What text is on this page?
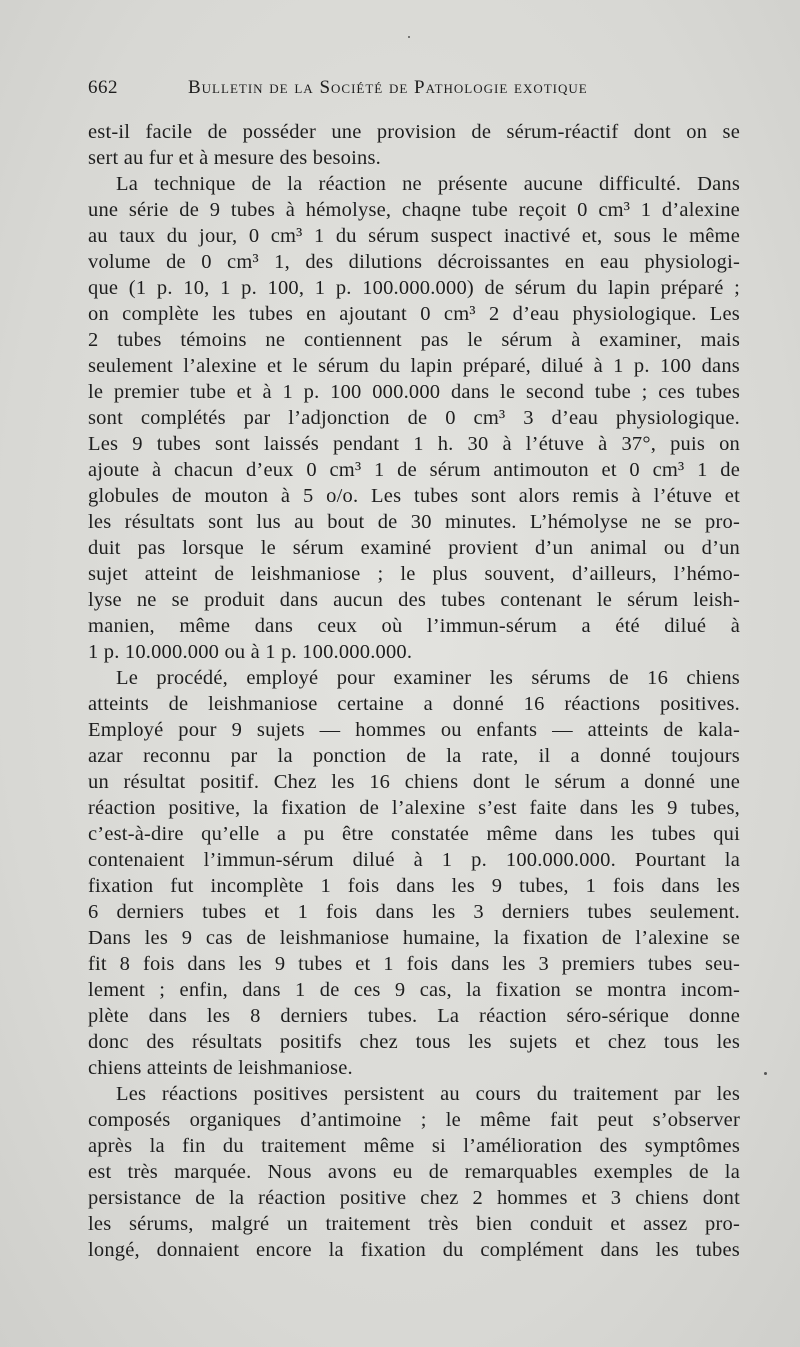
662	Bulletin de la Société de Pathologie exotique
est-il facile de posséder une provision de sérum-réactif dont on se
sert au fur et à mesure des besoins.
La technique de la réaction ne présente aucune difficulté. Dans
une série de 9 tubes à hémolyse, chaqne tube reçoit 0 cm³ 1 d’alexine
au taux du jour, 0 cm³ 1 du sérum suspect inactivé et, sous le même
volume de 0 cm³ 1, des dilutions décroissantes en eau physiologi-
que (1 p. 10, 1 p. 100, 1 p. 100.000.000) de sérum du lapin préparé ;
on complète les tubes en ajoutant 0 cm³ 2 d’eau physiologique. Les
2 tubes témoins ne contiennent pas le sérum à examiner, mais
seulement l’alexine et le sérum du lapin préparé, dilué à 1 p. 100 dans
le premier tube et à 1 p. 100 000.000 dans le second tube ; ces tubes
sont complétés par l’adjonction de 0 cm³ 3 d’eau physiologique.
Les 9 tubes sont laissés pendant 1 h. 30 à l’étuve à 37°, puis on
ajoute à chacun d’eux 0 cm³ 1 de sérum antimouton et 0 cm³ 1 de
globules de mouton à 5 o/o. Les tubes sont alors remis à l’étuve et
les résultats sont lus au bout de 30 minutes. L’hémolyse ne se pro-
duit pas lorsque le sérum examiné provient d’un animal ou d’un
sujet atteint de leishmaniose ; le plus souvent, d’ailleurs, l’hémo-
lyse ne se produit dans aucun des tubes contenant le sérum leish-
manien, même dans ceux où l’immun-sérum a été dilué à
1 p. 10.000.000 ou à 1 p. 100.000.000.
Le procédé, employé pour examiner les sérums de 16 chiens
atteints de leishmaniose certaine a donné 16 réactions positives.
Employé pour 9 sujets — hommes ou enfants — atteints de kala-
azar reconnu par la ponction de la rate, il a donné toujours
un résultat positif. Chez les 16 chiens dont le sérum a donné une
réaction positive, la fixation de l’alexine s’est faite dans les 9 tubes,
c’est-à-dire qu’elle a pu être constatée même dans les tubes qui
contenaient l’immun-sérum dilué à 1 p. 100.000.000. Pourtant la
fixation fut incomplète 1 fois dans les 9 tubes, 1 fois dans les
6 derniers tubes et 1 fois dans les 3 derniers tubes seulement.
Dans les 9 cas de leishmaniose humaine, la fixation de l’alexine se
fit 8 fois dans les 9 tubes et 1 fois dans les 3 premiers tubes seu-
lement ; enfin, dans 1 de ces 9 cas, la fixation se montra incom-
plète dans les 8 derniers tubes. La réaction séro-sérique donne
donc des résultats positifs chez tous les sujets et chez tous les
chiens atteints de leishmaniose.
Les réactions positives persistent au cours du traitement par les
composés organiques d’antimoine ; le même fait peut s’observer
après la fin du traitement même si l’amélioration des symptômes
est très marquée. Nous avons eu de remarquables exemples de la
persistance de la réaction positive chez 2 hommes et 3 chiens dont
les sérums, malgré un traitement très bien conduit et assez pro-
longé, donnaient encore la fixation du complément dans les tubes
